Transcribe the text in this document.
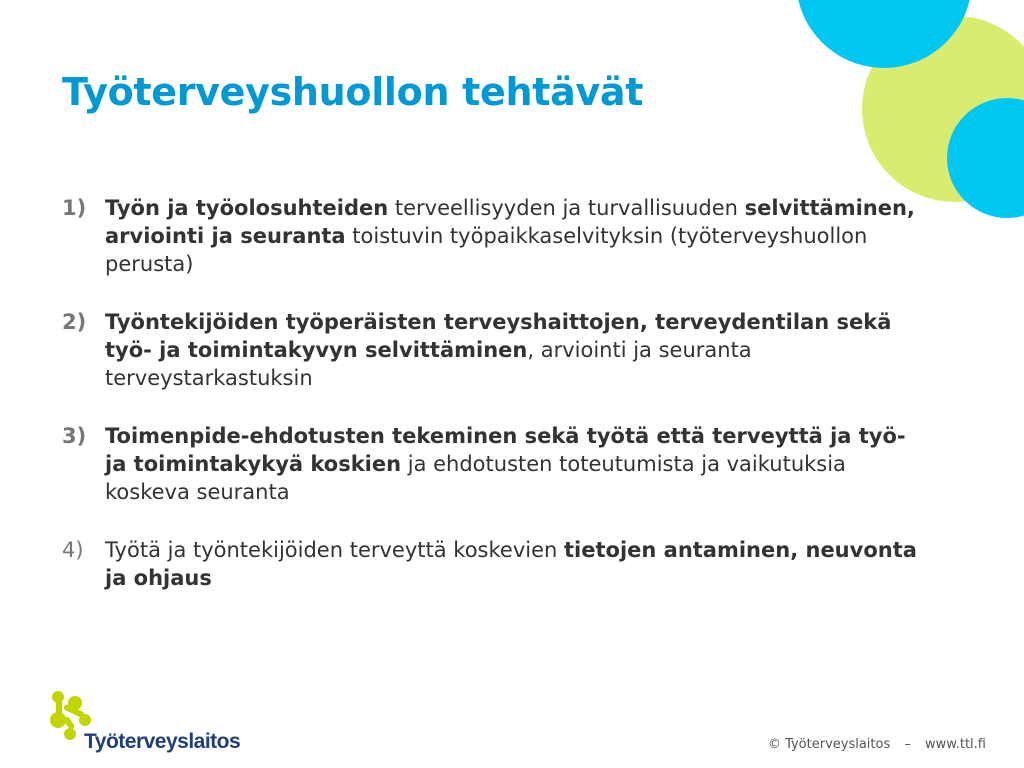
Työterveyshuollon tehtävät
1) Työn ja työolosuhteiden terveellisyyden ja turvallisuuden selvittäminen, arviointi ja seuranta toistuvin työpaikkaselvityksin (työterveyshuollon perusta)
2) Työntekijöiden työperäisten terveyshaittojen, terveydentilan sekä työ- ja toimintakyvyn selvittäminen, arviointi ja seuranta terveystarkastuksin
3) Toimenpide-ehdotusten tekeminen sekä työtä että terveyttä ja työ- ja toimintakykyä koskien ja ehdotusten toteutumista ja vaikutuksia koskeva seuranta
4) Työtä ja työntekijöiden terveyttä koskevien tietojen antaminen, neuvonta ja ohjaus
Työterveyslaitos	© Työterveyslaitos – www.ttl.fi
